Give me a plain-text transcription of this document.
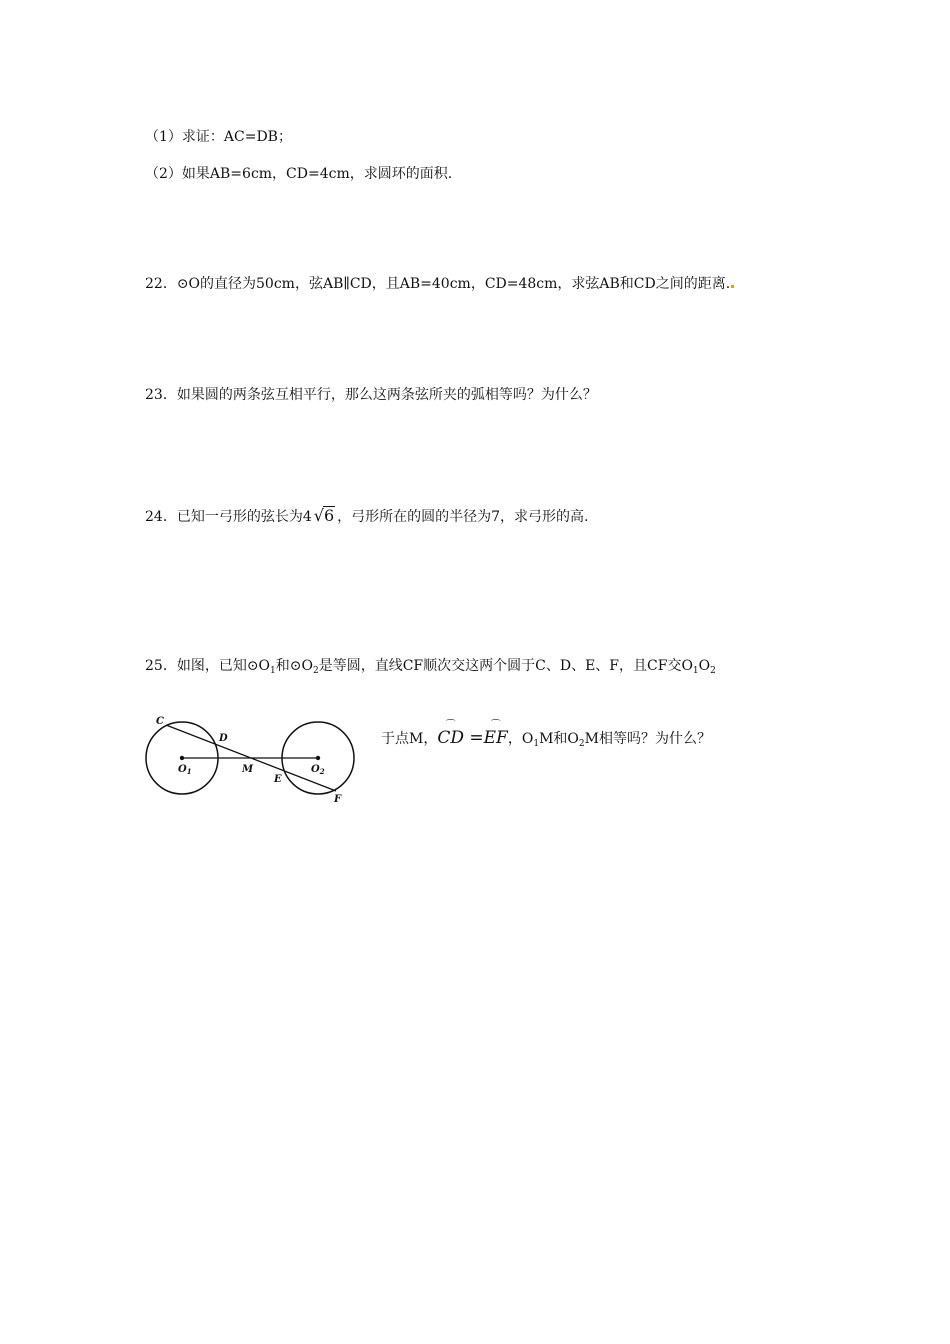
（1）求证：AC=DB；
（2）如果AB=6cm，CD=4cm，求圆环的面积.
22．⊙O的直径为50cm，弦AB∥CD，且AB=40cm，CD=48cm，求弦AB和CD之间的距离.
23．如果圆的两条弦互相平行，那么这两条弦所夹的弧相等吗？为什么？
24．已知一弓形的弦长为4 √6 ，弓形所在的圆的半径为7，求弓形的高.
25．如图，已知$⊙O_1$和$⊙O_2$是等圆，直线CF顺次交这两个圆于C、D、E、F，且CF交$O_1O_2$
于点M，⌒ CD =⌒ EF，$O_1M$和$O_2M$相等吗？为什么？
C
D
$O_1$	M
E
$O_2$
F
